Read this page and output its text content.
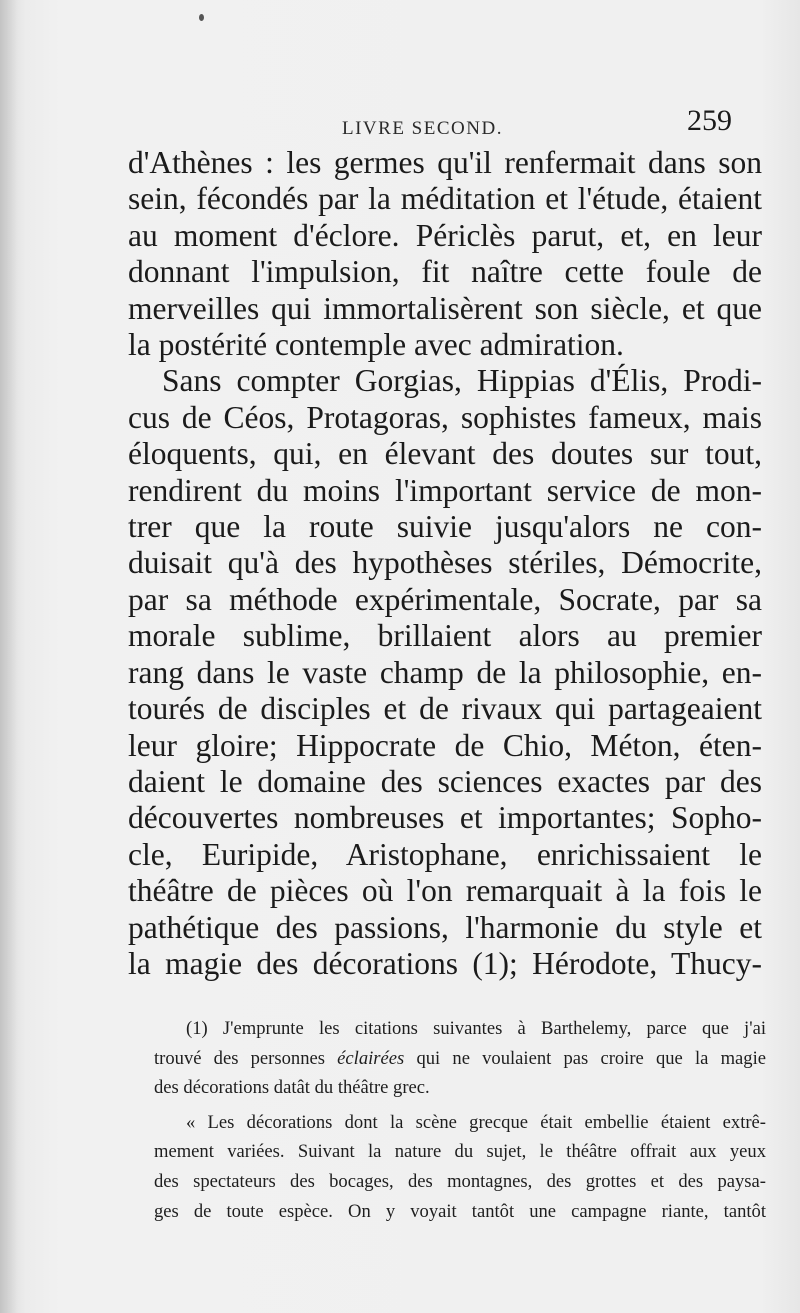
LIVRE SECOND.	259
d'Athènes : les germes qu'il renfermait dans son
sein, fécondés par la méditation et l'étude, étaient
au moment d'éclore. Périclès parut, et, en leur
donnant l'impulsion, fit naître cette foule de
merveilles qui immortalisèrent son siècle, et que
la postérité contemple avec admiration.
Sans compter Gorgias, Hippias d'Élis, Prodi-
cus de Céos, Protagoras, sophistes fameux, mais
éloquents, qui, en élevant des doutes sur tout,
rendirent du moins l'important service de mon-
trer que la route suivie jusqu'alors ne con-
duisait qu'à des hypothèses stériles, Démocrite,
par sa méthode expérimentale, Socrate, par sa
morale sublime, brillaient alors au premier
rang dans le vaste champ de la philosophie, en-
tourés de disciples et de rivaux qui partageaient
leur gloire; Hippocrate de Chio, Méton, éten-
daient le domaine des sciences exactes par des
découvertes nombreuses et importantes; Sopho-
cle, Euripide, Aristophane, enrichissaient le
théâtre de pièces où l'on remarquait à la fois le
pathétique des passions, l'harmonie du style et
la magie des décorations (1); Hérodote, Thucy-
(1) J'emprunte les citations suivantes à Barthelemy, parce que j'ai
trouvé des personnes éclairées qui ne voulaient pas croire que la magie
des décorations datât du théâtre grec.
« Les décorations dont la scène grecque était embellie étaient extrê-
mement variées. Suivant la nature du sujet, le théâtre offrait aux yeux
des spectateurs des bocages, des montagnes, des grottes et des paysa-
ges de toute espèce. On y voyait tantôt une campagne riante, tantôt
